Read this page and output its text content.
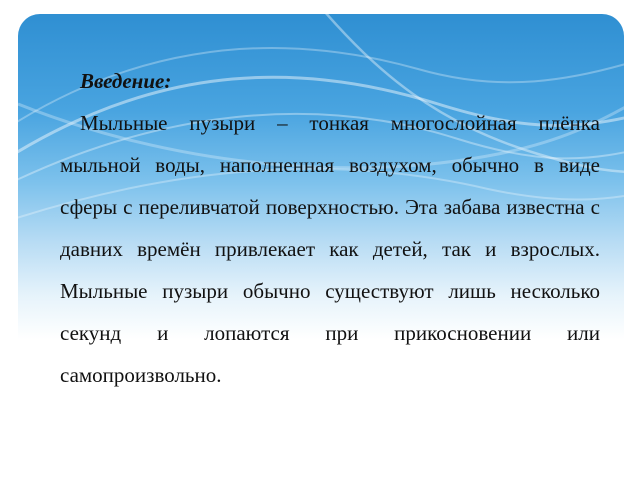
Введение:

Мыльные пузыри – тонкая многослойная плёнка мыльной воды, наполненная воздухом, обычно в виде сферы с переливчатой поверхностью. Эта забава известна с давних времён привлекает как детей, так и взрослых. Мыльные пузыри обычно существуют лишь несколько секунд и лопаются при прикосновении или самопроизвольно.
